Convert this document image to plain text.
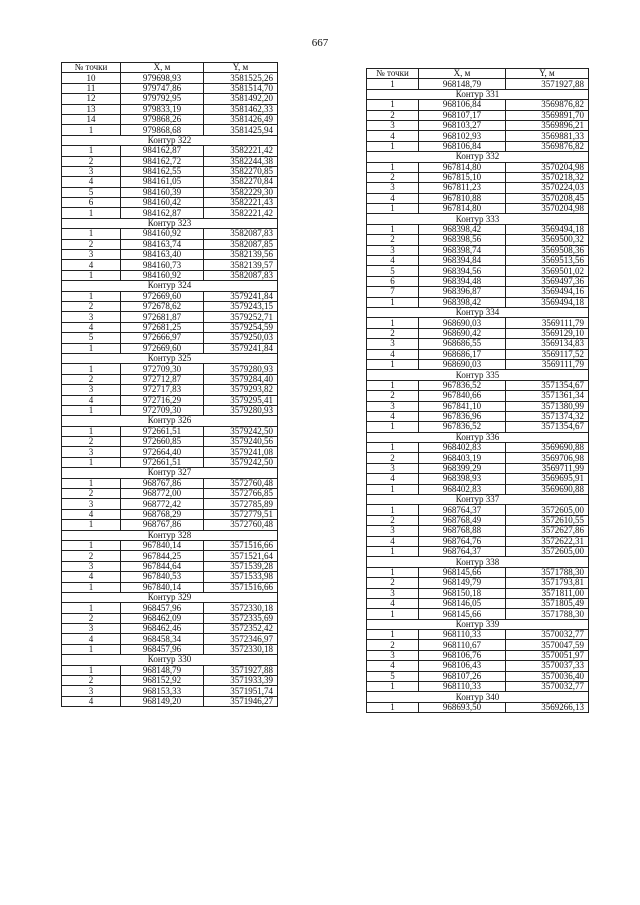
667
№ точки	X, м	Y, м
10	979698,93	3581525,26
11	979747,86	3581514,70
12	979792,95	3581492,20
13	979833,19	3581462,33
14	979868,26	3581426,49
1	979868,68	3581425,94
Контур 322		
1	984162,87	3582221,42
2	984162,72	3582244,38
3	984162,55	3582270,85
4	984161,05	3582270,84
5	984160,39	3582229,30
6	984160,42	3582221,43
1	984162,87	3582221,42
Контур 323		
1	984160,92	3582087,83
2	984163,74	3582087,85
3	984163,40	3582139,56
4	984160,73	3582139,57
1	984160,92	3582087,83
Контур 324		
1	972669,60	3579241,84
2	972678,62	3579243,15
3	972681,87	3579252,71
4	972681,25	3579254,59
5	972666,97	3579250,03
1	972669,60	3579241,84
Контур 325		
1	972709,30	3579280,93
2	972712,87	3579284,40
3	972717,83	3579293,82
4	972716,29	3579295,41
1	972709,30	3579280,93
Контур 326		
1	972661,51	3579242,50
2	972660,85	3579240,56
3	972664,40	3579241,08
1	972661,51	3579242,50
Контур 327		
1	968767,86	3572760,48
2	968772,00	3572766,85
3	968772,42	3572785,89
4	968768,29	3572779,51
1	968767,86	3572760,48
Контур 328		
1	967840,14	3571516,66
2	967844,25	3571521,64
3	967844,64	3571539,28
4	967840,53	3571533,98
1	967840,14	3571516,66
Контур 329		
1	968457,96	3572330,18
2	968462,09	3572335,69
3	968462,46	3572352,42
4	968458,34	3572346,97
1	968457,96	3572330,18
Контур 330		
1	968148,79	3571927,88
2	968152,92	3571933,39
3	968153,33	3571951,74
4	968149,20	3571946,27
№ точки	X, м	Y, м
1	968148,79	3571927,88
Контур 331		
1	968106,84	3569876,82
2	968107,17	3569891,70
3	968103,27	3569896,21
4	968102,93	3569881,33
1	968106,84	3569876,82
Контур 332		
1	967814,80	3570204,98
2	967815,10	3570218,32
3	967811,23	3570224,03
4	967810,88	3570208,45
1	967814,80	3570204,98
Контур 333		
1	968398,42	3569494,18
2	968398,56	3569500,32
3	968398,74	3569508,36
4	968394,84	3569513,56
5	968394,56	3569501,02
6	968394,48	3569497,36
7	968396,87	3569494,16
1	968398,42	3569494,18
Контур 334		
1	968690,03	3569111,79
2	968690,42	3569129,10
3	968686,55	3569134,83
4	968686,17	3569117,52
1	968690,03	3569111,79
Контур 335		
1	967836,52	3571354,67
2	967840,66	3571361,34
3	967841,10	3571380,99
4	967836,96	3571374,32
1	967836,52	3571354,67
Контур 336		
1	968402,83	3569690,88
2	968403,19	3569706,98
3	968399,29	3569711,99
4	968398,93	3569695,91
1	968402,83	3569690,88
Контур 337		
1	968764,37	3572605,00
2	968768,49	3572610,55
3	968768,88	3572627,86
4	968764,76	3572622,31
1	968764,37	3572605,00
Контур 338		
1	968145,66	3571788,30
2	968149,79	3571793,81
3	968150,18	3571811,00
4	968146,05	3571805,49
1	968145,66	3571788,30
Контур 339		
1	968110,33	3570032,77
2	968110,67	3570047,59
3	968106,76	3570051,97
4	968106,43	3570037,33
5	968107,26	3570036,40
1	968110,33	3570032,77
Контур 340		
1	968693,50	3569266,13
